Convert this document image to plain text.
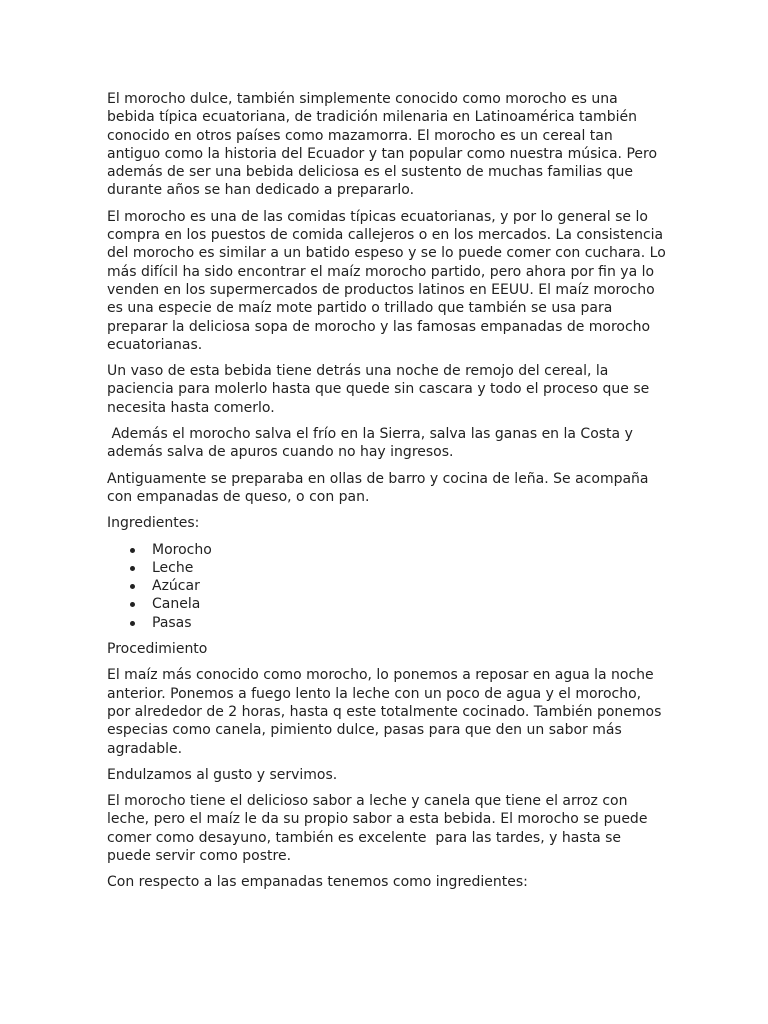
El morocho dulce, también simplemente conocido como morocho es una bebida típica ecuatoriana, de tradición milenaria en Latinoamérica también conocido en otros países como mazamorra. El morocho es un cereal tan antiguo como la historia del Ecuador y tan popular como nuestra música. Pero además de ser una bebida deliciosa es el sustento de muchas familias que durante años se han dedicado a prepararlo.

El morocho es una de las comidas típicas ecuatorianas, y por lo general se lo compra en los puestos de comida callejeros o en los mercados. La consistencia del morocho es similar a un batido espeso y se lo puede comer con cuchara. Lo más difícil ha sido encontrar el maíz morocho partido, pero ahora por fin ya lo venden en los supermercados de productos latinos en EEUU. El maíz morocho es una especie de maíz mote partido o trillado que también se usa para preparar la deliciosa sopa de morocho y las famosas empanadas de morocho ecuatorianas.

Un vaso de esta bebida tiene detrás una noche de remojo del cereal, la paciencia para molerlo hasta que quede sin cascara y todo el proceso que se necesita hasta comerlo.

Además el morocho salva el frío en la Sierra, salva las ganas en la Costa y además salva de apuros cuando no hay ingresos.

Antiguamente se preparaba en ollas de barro y cocina de leña. Se acompaña con empanadas de queso, o con pan.

Ingredientes:

Morocho
Leche
Azúcar
Canela
Pasas

Procedimiento

El maíz más conocido como morocho, lo ponemos a reposar en agua la noche anterior. Ponemos a fuego lento la leche con un poco de agua y el morocho, por alrededor de 2 horas, hasta q este totalmente cocinado. También ponemos especias como canela, pimiento dulce, pasas para que den un sabor más agradable.

Endulzamos al gusto y servimos.

El morocho tiene el delicioso sabor a leche y canela que tiene el arroz con leche, pero el maíz le da su propio sabor a esta bebida. El morocho se puede comer como desayuno, también es excelente  para las tardes, y hasta se puede servir como postre.

Con respecto a las empanadas tenemos como ingredientes:
